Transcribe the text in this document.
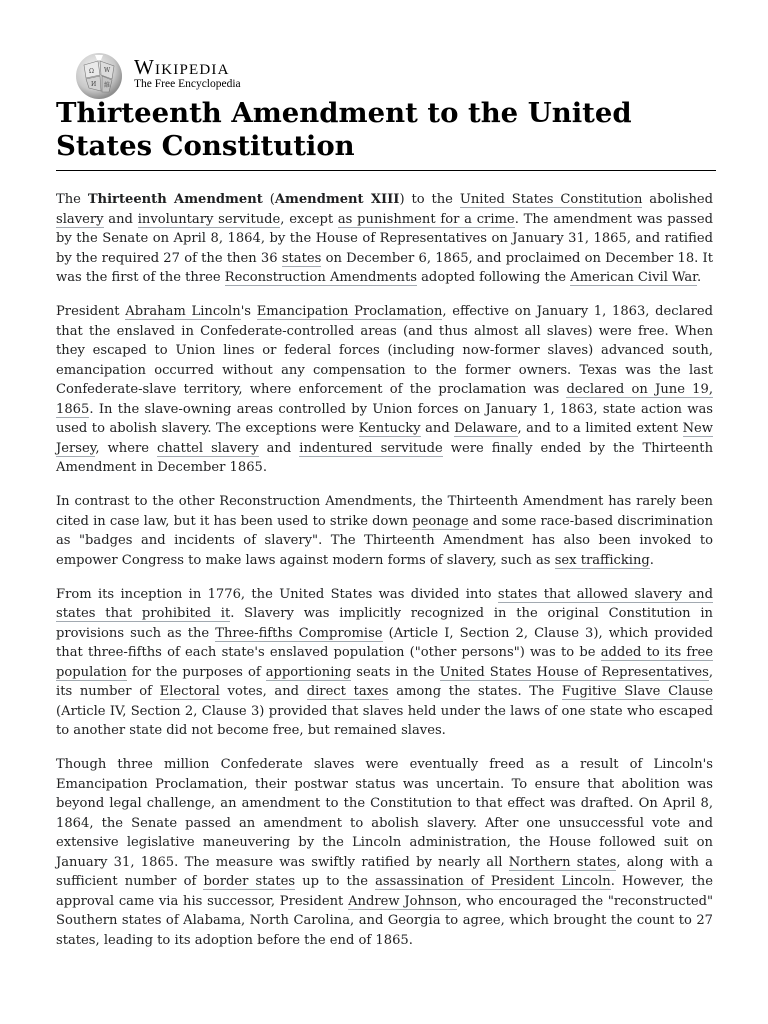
Ω W
И 維
Wikipedia
The Free Encyclopedia
Thirteenth Amendment to the United States Constitution

The Thirteenth Amendment (Amendment XIII) to the United States Constitution abolished slavery and involuntary servitude, except as punishment for a crime. The amendment was passed by the Senate on April 8, 1864, by the House of Representatives on January 31, 1865, and ratified by the required 27 of the then 36 states on December 6, 1865, and proclaimed on December 18. It was the first of the three Reconstruction Amendments adopted following the American Civil War.

President Abraham Lincoln's Emancipation Proclamation, effective on January 1, 1863, declared that the enslaved in Confederate-controlled areas (and thus almost all slaves) were free. When they escaped to Union lines or federal forces (including now-former slaves) advanced south, emancipation occurred without any compensation to the former owners. Texas was the last Confederate-slave territory, where enforcement of the proclamation was declared on June 19, 1865. In the slave-owning areas controlled by Union forces on January 1, 1863, state action was used to abolish slavery. The exceptions were Kentucky and Delaware, and to a limited extent New Jersey, where chattel slavery and indentured servitude were finally ended by the Thirteenth Amendment in December 1865.

In contrast to the other Reconstruction Amendments, the Thirteenth Amendment has rarely been cited in case law, but it has been used to strike down peonage and some race-based discrimination as "badges and incidents of slavery". The Thirteenth Amendment has also been invoked to empower Congress to make laws against modern forms of slavery, such as sex trafficking.

From its inception in 1776, the United States was divided into states that allowed slavery and states that prohibited it. Slavery was implicitly recognized in the original Constitution in provisions such as the Three-fifths Compromise (Article I, Section 2, Clause 3), which provided that three-fifths of each state's enslaved population ("other persons") was to be added to its free population for the purposes of apportioning seats in the United States House of Representatives, its number of Electoral votes, and direct taxes among the states. The Fugitive Slave Clause (Article IV, Section 2, Clause 3) provided that slaves held under the laws of one state who escaped to another state did not become free, but remained slaves.

Though three million Confederate slaves were eventually freed as a result of Lincoln's Emancipation Proclamation, their postwar status was uncertain. To ensure that abolition was beyond legal challenge, an amendment to the Constitution to that effect was drafted. On April 8, 1864, the Senate passed an amendment to abolish slavery. After one unsuccessful vote and extensive legislative maneuvering by the Lincoln administration, the House followed suit on January 31, 1865. The measure was swiftly ratified by nearly all Northern states, along with a sufficient number of border states up to the assassination of President Lincoln. However, the approval came via his successor, President Andrew Johnson, who encouraged the "reconstructed" Southern states of Alabama, North Carolina, and Georgia to agree, which brought the count to 27 states, leading to its adoption before the end of 1865.
